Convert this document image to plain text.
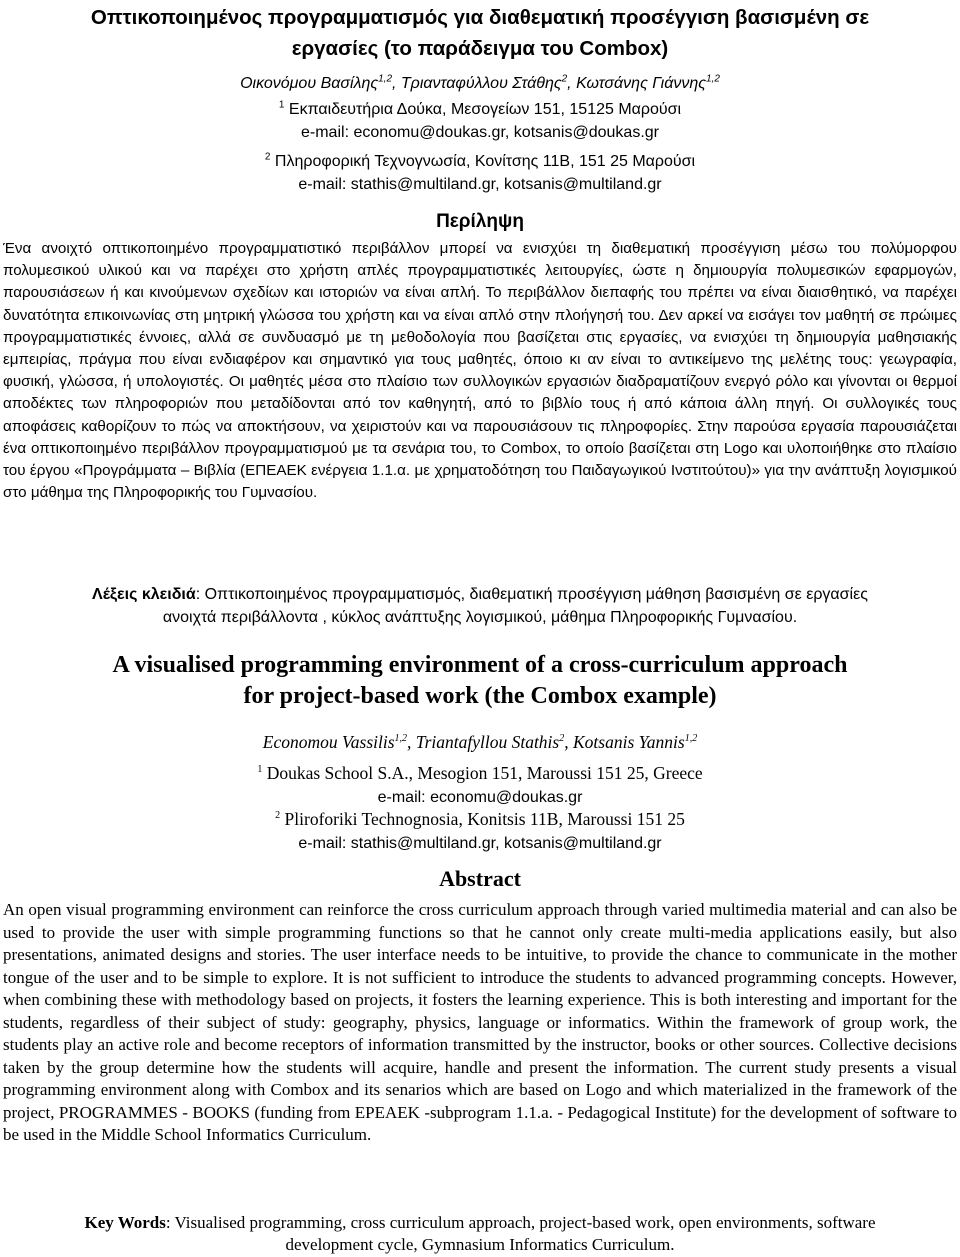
Οπτικοποιημένος προγραμματισμός για διαθεματική προσέγγιση βασισμένη σε
εργασίες (το παράδειγμα του Combox)
Οικονόμου Βασίλης$^{1,2}$, Τριανταφύλλου Στάθης$^2$, Κωτσάνης Γιάννης$^{1,2}$
$^1$ Εκπαιδευτήρια Δούκα, Μεσογείων 151, 15125 Μαρούσι
e-mail: economu@doukas.gr, kotsanis@doukas.gr
$^2$ Πληροφορική Τεχνογνωσία, Κονίτσης 11Β, 151 25 Μαρούσι
e-mail: stathis@multiland.gr, kotsanis@multiland.gr
Περίληψη
Ένα ανοιχτό οπτικοποιημένο προγραμματιστικό περιβάλλον μπορεί να ενισχύει τη διαθεματική προσέγγιση μέσω του πολύμορφου πολυμεσικού υλικού και να παρέχει στο χρήστη απλές προγραμματιστικές λειτουργίες, ώστε η δημιουργία πολυμεσικών εφαρμογών, παρουσιάσεων ή και κινούμενων σχεδίων και ιστοριών να είναι απλή. Το περιβάλλον διεπαφής του πρέπει να είναι διαισθητικό, να παρέχει δυνατότητα επικοινωνίας στη μητρική γλώσσα του χρήστη και να είναι απλό στην πλοήγησή του. Δεν αρκεί να εισάγει τον μαθητή σε πρώιμες προγραμματιστικές έννοιες, αλλά σε συνδυασμό με τη μεθοδολογία που βασίζεται στις εργασίες, να ενισχύει τη δημιουργία μαθησιακής εμπειρίας, πράγμα που είναι ενδιαφέρον και σημαντικό για τους μαθητές, όποιο κι αν είναι το αντικείμενο της μελέτης τους: γεωγραφία, φυσική, γλώσσα, ή υπολογιστές. Οι μαθητές μέσα στο πλαίσιο των συλλογικών εργασιών διαδραματίζουν ενεργό ρόλο και γίνονται οι θερμοί αποδέκτες των πληροφοριών που μεταδίδονται από τον καθηγητή, από το βιβλίο τους ή από κάποια άλλη πηγή. Οι συλλογικές τους αποφάσεις καθορίζουν το πώς να αποκτήσουν, να χειριστούν και να παρουσιάσουν τις πληροφορίες. Στην παρούσα εργασία παρουσιάζεται ένα οπτικοποιημένο περιβάλλον προγραμματισμού με τα σενάρια του, το Combox, το οποίο βασίζεται στη Logo και υλοποιήθηκε στο πλαίσιο του έργου «Προγράμματα – Βιβλία (ΕΠΕΑΕΚ ενέργεια 1.1.α. με χρηματοδότηση του Παιδαγωγικού Ινστιτούτου)» για την ανάπτυξη λογισμικού στο μάθημα της Πληροφορικής του Γυμνασίου.
Λέξεις κλειδιά: Οπτικοποιημένος προγραμματισμός, διαθεματική προσέγγιση μάθηση βασισμένη σε εργασίες
ανοιχτά περιβάλλοντα , κύκλος ανάπτυξης λογισμικού, μάθημα Πληροφορικής Γυμνασίου.
A visualised programming environment of a cross-curriculum approach
for project-based work (the Combox example)
Economou Vassilis$^{1,2}$, Triantafyllou Stathis$^2$, Kotsanis Yannis$^{1,2}$
$^1$ Doukas School S.A., Mesogion 151, Maroussi 151 25, Greece
e-mail: economu@doukas.gr
$^2$ Pliroforiki Technognosia, Konitsis 11B, Maroussi 151 25
e-mail: stathis@multiland.gr, kotsanis@multiland.gr
Abstract
An open visual programming environment can reinforce the cross curriculum approach through varied multimedia material and can also be used to provide the user with simple programming functions so that he cannot only create multi-media applications easily, but also presentations, animated designs and stories. The user interface needs to be intuitive, to provide the chance to communicate in the mother tongue of the user and to be simple to explore. It is not sufficient to introduce the students to advanced programming concepts. However, when combining these with methodology based on projects, it fosters the learning experience. This is both interesting and important for the students, regardless of their subject of study: geography, physics, language or informatics. Within the framework of group work, the students play an active role and become receptors of information transmitted by the instructor, books or other sources. Collective decisions taken by the group determine how the students will acquire, handle and present the information. The current study presents a visual programming environment along with Combox and its senarios which are based on Logo and which materialized in the framework of the project, PROGRAMMES - BOOKS (funding from EPEAEK -subprogram 1.1.a. - Pedagogical Institute) for the development of software to be used in the Middle School Informatics Curriculum.
Key Words: Visualised programming, cross curriculum approach, project-based work, open environments, software
development cycle, Gymnasium Informatics Curriculum.
